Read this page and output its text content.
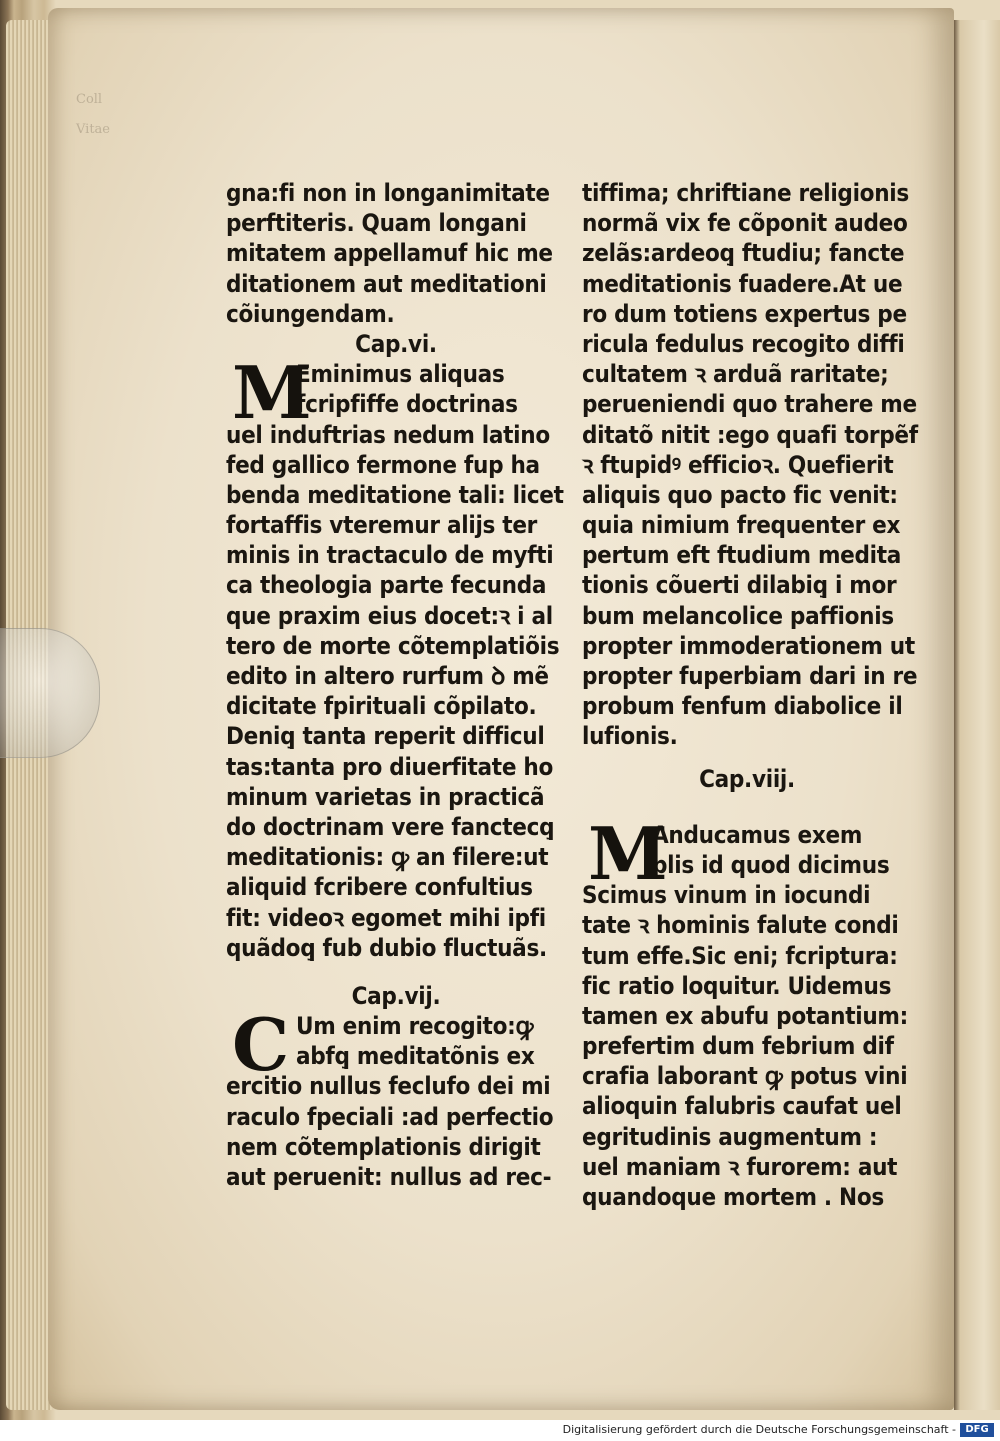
Coll
Vitae
gna:fi non in longanimitate
perftiteris. Quam longani
mitatem appellamuf hic me
ditationem aut meditationi
cõiungendam.
Cap.vi.
M
Eminimus aliquas
fcripfiffe doctrinas
uel induftrias nedum latino
fed gallico fermone fup ha
benda meditatione tali: licet
fortaffis vteremur alijs ter
minis in tractaculo de myfti
ca theologia parte fecunda
que praxim eius docet:ꝛ i al
tero de morte cõtemplatiõis
edito in altero rurfum ꝺ mẽ
dicitate fpirituali cõpilato.
Deniq̧ tanta reperit difficul
tas:tanta pro diuerfitate ho
minum varietas in practicã
do doctrinam vere fanctecq̧
meditationis: ꝙ an filere:ut
aliquid fcribere confultius
fit: videoꝛ egomet mihi ipfi
quãdoq̧ fub dubio fluctuãs.
Cap.vij.
C Um enim recogito:ꝙ
abfq̧ meditatõnis ex
ercitio nullus feclufo dei mi
raculo fpeciali :ad perfectio
nem cõtemplationis dirigit
aut peruenit: nullus ad rec-
tiffima; chriftiane religionis
normã vix fe cõponit audeo
zelãs:ardeoq̧ ftudiu; fancte
meditationis fuadere.At ue
ro dum totiens expertus pe
ricula fedulus recogito diffi
cultatem ꝛ arduã raritate;
perueniendi quo trahere me
ditatõ nitit :ego quafi torpẽf
ꝛ ftupidꝰ efficioꝛ. Quefierit
aliquis quo pacto fic venit:
quia nimium frequenter ex
pertum eft ftudium medita
tionis cõuerti dilabiq̧ i mor
bum melancolice paffionis
propter immoderationem ut
propter fuperbiam dari in re
probum fenfum diabolice il
lufionis.
Cap.viij.
M
Anducamus exem
plis id quod dicimus
Scimus vinum in iocundi
tate ꝛ hominis falute condi
tum effe.Sic eni; fcriptura:
fic ratio loquitur. Uidemus
tamen ex abufu potantium:
prefertim dum febrium dif
crafia laborant ꝙ potus vini
alioquin falubris caufat uel
egritudinis augmentum :
uel maniam ꝛ furorem: aut
quandoque mortem . Nos
Digitalisierung gefördert durch die Deutsche Forschungsgemeinschaft - DFG
